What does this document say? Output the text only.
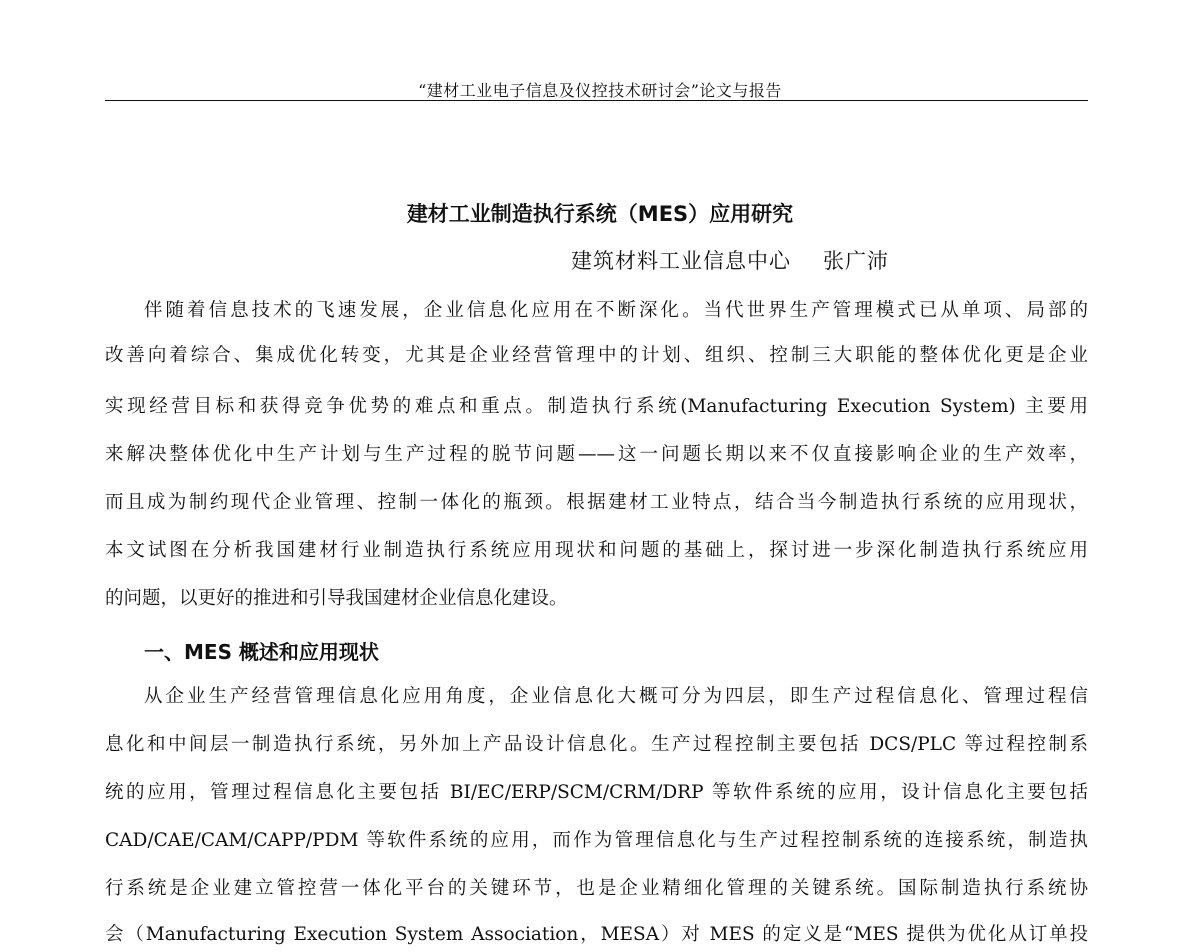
“建材工业电子信息及仪控技术研讨会”论文与报告
建材工业制造执行系统（MES）应用研究
建筑材料工业信息中心 张广沛
伴随着信息技术的飞速发展，企业信息化应用在不断深化。当代世界生产管理模式已从单项、局部的
改善向着综合、集成优化转变，尤其是企业经营管理中的计划、组织、控制三大职能的整体优化更是企业
实现经营目标和获得竞争优势的难点和重点。制造执行系统(Manufacturing Execution System) 主要用
来解决整体优化中生产计划与生产过程的脱节问题——这一问题长期以来不仅直接影响企业的生产效率，
而且成为制约现代企业管理、控制一体化的瓶颈。根据建材工业特点，结合当今制造执行系统的应用现状，
本文试图在分析我国建材行业制造执行系统应用现状和问题的基础上，探讨进一步深化制造执行系统应用
的问题，以更好的推进和引导我国建材企业信息化建设。
一、MES 概述和应用现状
从企业生产经营管理信息化应用角度，企业信息化大概可分为四层，即生产过程信息化、管理过程信
息化和中间层一制造执行系统，另外加上产品设计信息化。生产过程控制主要包括 DCS/PLC 等过程控制系
统的应用，管理过程信息化主要包括 BI/EC/ERP/SCM/CRM/DRP 等软件系统的应用，设计信息化主要包括
CAD/CAE/CAM/CAPP/PDM 等软件系统的应用，而作为管理信息化与生产过程控制系统的连接系统，制造执
行系统是企业建立管控营一体化平台的关键环节，也是企业精细化管理的关键系统。国际制造执行系统协
会（Manufacturing Execution System Association，MESA）对 MES 的定义是“MES 提供为优化从订单投
